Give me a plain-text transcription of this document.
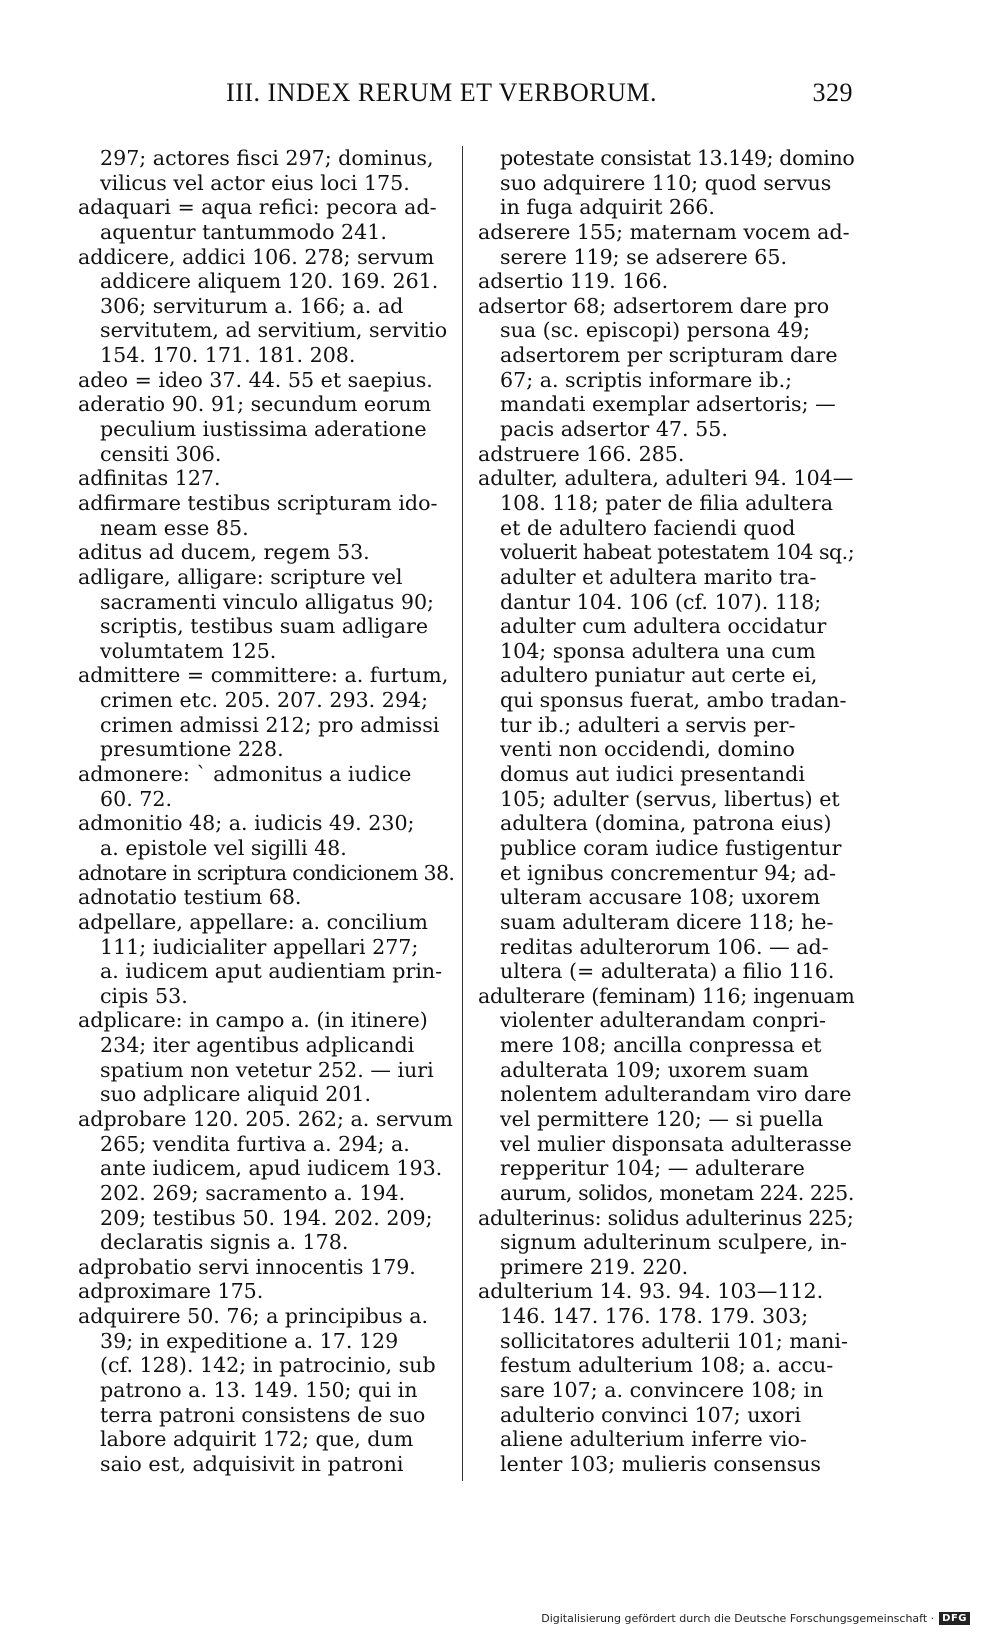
III. INDEX RERUM ET VERBORUM.	329
297; actores fisci 297; dominus,
vilicus vel actor eius loci 175.
adaquari = aqua refici: pecora ad-
aquentur tantummodo 241.
addicere, addici 106. 278; servum
addicere aliquem 120. 169. 261.
306; serviturum a. 166; a. ad
servitutem, ad servitium, servitio
154. 170. 171. 181. 208.
adeo = ideo 37. 44. 55 et saepius.
aderatio 90. 91; secundum eorum
peculium iustissima aderatione
censiti 306.
adfinitas 127.
adfirmare testibus scripturam ido-
neam esse 85.
aditus ad ducem, regem 53.
adligare, alligare: scripture vel
sacramenti vinculo alligatus 90;
scriptis, testibus suam adligare
volumtatem 125.
admittere = committere: a. furtum,
crimen etc. 205. 207. 293. 294;
crimen admissi 212; pro admissi
presumtione 228.
admonere: ` admonitus a iudice
60. 72.
admonitio 48; a. iudicis 49. 230;
a. epistole vel sigilli 48.
adnotare in scriptura condicionem 38.
adnotatio testium 68.
adpellare, appellare: a. concilium
111; iudicialiter appellari 277;
a. iudicem aput audientiam prin-
cipis 53.
adplicare: in campo a. (in itinere)
234; iter agentibus adplicandi
spatium non vetetur 252. — iuri
suo adplicare aliquid 201.
adprobare 120. 205. 262; a. servum
265; vendita furtiva a. 294; a.
ante iudicem, apud iudicem 193.
202. 269; sacramento a. 194.
209; testibus 50. 194. 202. 209;
declaratis signis a. 178.
adprobatio servi innocentis 179.
adproximare 175.
adquirere 50. 76; a principibus a.
39; in expeditione a. 17. 129
(cf. 128). 142; in patrocinio, sub
patrono a. 13. 149. 150; qui in
terra patroni consistens de suo
labore adquirit 172; que, dum
saio est, adquisivit in patroni
potestate consistat 13.149; domino
suo adquirere 110; quod servus
in fuga adquirit 266.
adserere 155; maternam vocem ad-
serere 119; se adserere 65.
adsertio 119. 166.
adsertor 68; adsertorem dare pro
sua (sc. episcopi) persona 49;
adsertorem per scripturam dare
67; a. scriptis informare ib.;
mandati exemplar adsertoris; —
pacis adsertor 47. 55.
adstruere 166. 285.
adulter, adultera, adulteri 94. 104—
108. 118; pater de filia adultera
et de adultero faciendi quod
voluerit habeat potestatem 104 sq.;
adulter et adultera marito tra-
dantur 104. 106 (cf. 107). 118;
adulter cum adultera occidatur
104; sponsa adultera una cum
adultero puniatur aut certe ei,
qui sponsus fuerat, ambo tradan-
tur ib.; adulteri a servis per-
venti non occidendi, domino
domus aut iudici presentandi
105; adulter (servus, libertus) et
adultera (domina, patrona eius)
publice coram iudice fustigentur
et ignibus concrementur 94; ad-
ulteram accusare 108; uxorem
suam adulteram dicere 118; he-
reditas adulterorum 106. — ad-
ultera (= adulterata) a filio 116.
adulterare (feminam) 116; ingenuam
violenter adulterandam conpri-
mere 108; ancilla conpressa et
adulterata 109; uxorem suam
nolentem adulterandam viro dare
vel permittere 120; — si puella
vel mulier disponsata adulterasse
repperitur 104; — adulterare
aurum, solidos, monetam 224. 225.
adulterinus: solidus adulterinus 225;
signum adulterinum sculpere, in-
primere 219. 220.
adulterium 14. 93. 94. 103—112.
146. 147. 176. 178. 179. 303;
sollicitatores adulterii 101; mani-
festum adulterium 108; a. accu-
sare 107; a. convincere 108; in
adulterio convinci 107; uxori
aliene adulterium inferre vio-
lenter 103; mulieris consensus
Digitalisierung gefördert durch die Deutsche Forschungsgemeinschaft · DFG
